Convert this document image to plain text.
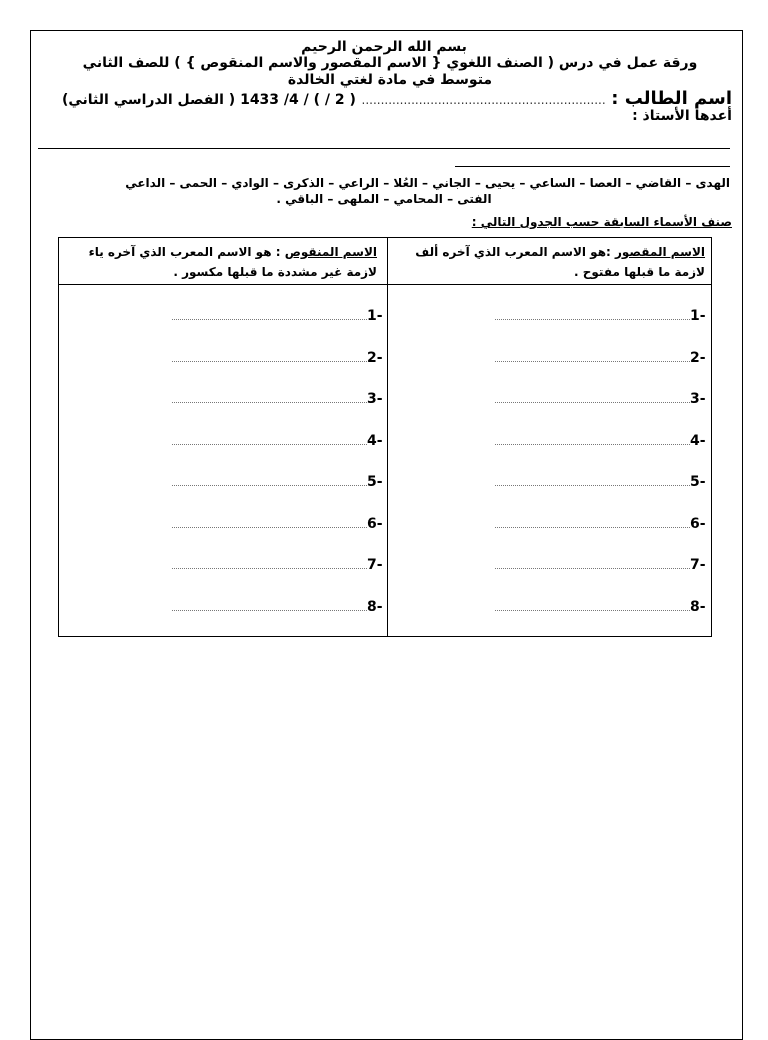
بسم الله الرحمن الرحيم
ورقة عمل في درس ( الصنف اللغوي { الاسم المقصور والاسم المنقوص } ) للصف الثاني
متوسط في مادة لغتي الخالدة
اسم الطالب : ................................................................ ( 2 / ) / 4/ 1433 ( الفصل الدراسي الثاني)
أعدها الأستاذ :
الهدى – القاضي – العصا – الساعي – يحيى – الجاني – العُلا – الراعي – الذكرى – الوادي – الحمى – الداعي
الفتى – المحامي – الملهى – الباقي .
صنف الأسماء السابقة حسب الجدول التالي :
الاسم المقصور :هو الاسم المعرب الذي آخره ألف لازمة ما قبلها مفتوح .
الاسم المنقوص : هو الاسم المعرب الذي آخره ياء لازمة غير مشددة ما قبلها مكسور .
1-
1-
2-
2-
3-
3-
4-
4-
5-
5-
6-
6-
7-
7-
8-
8-
